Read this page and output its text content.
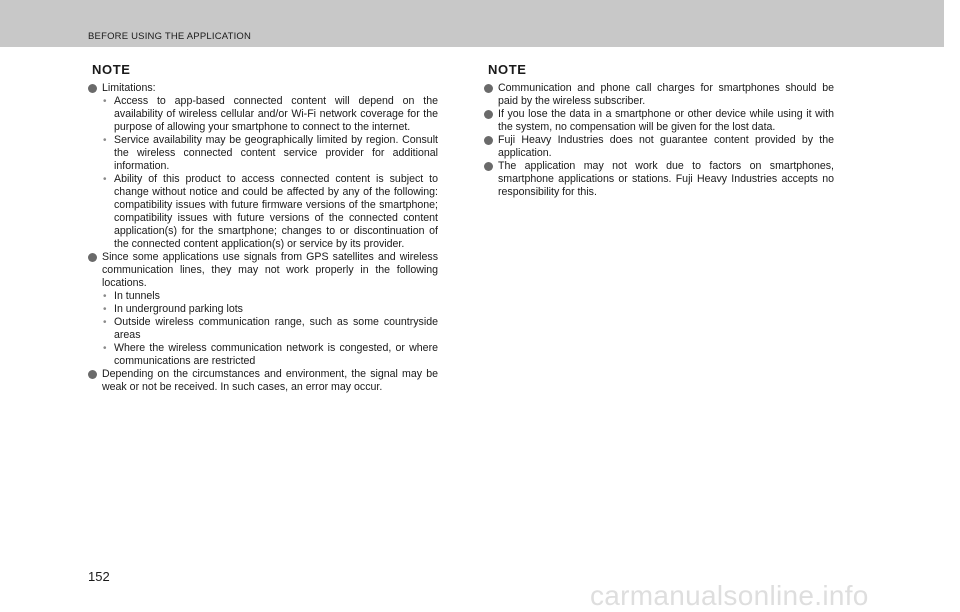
BEFORE USING THE APPLICATION
NOTE
Limitations:
• Access to app-based connected content will depend on the availability of wireless cellular and/or Wi-Fi network coverage for the purpose of allowing your smartphone to connect to the internet.
• Service availability may be geographically limited by region. Consult the wireless connected content service provider for additional information.
• Ability of this product to access connected content is subject to change without notice and could be affected by any of the following: compatibility issues with future firmware versions of the smartphone; compatibility issues with future versions of the connected content application(s) for the smartphone; changes to or discontinuation of the connected content application(s) or service by its provider.
Since some applications use signals from GPS satellites and wireless communication lines, they may not work properly in the following locations.
• In tunnels
• In underground parking lots
• Outside wireless communication range, such as some countryside areas
• Where the wireless communication network is congested, or where communications are restricted
Depending on the circumstances and environment, the signal may be weak or not be received. In such cases, an error may occur.
NOTE
Communication and phone call charges for smartphones should be paid by the wireless subscriber.
If you lose the data in a smartphone or other device while using it with the system, no compensation will be given for the lost data.
Fuji Heavy Industries does not guarantee content provided by the application.
The application may not work due to factors on smartphones, smartphone applications or stations. Fuji Heavy Industries accepts no responsibility for this.
152
carmanualsonline.info
